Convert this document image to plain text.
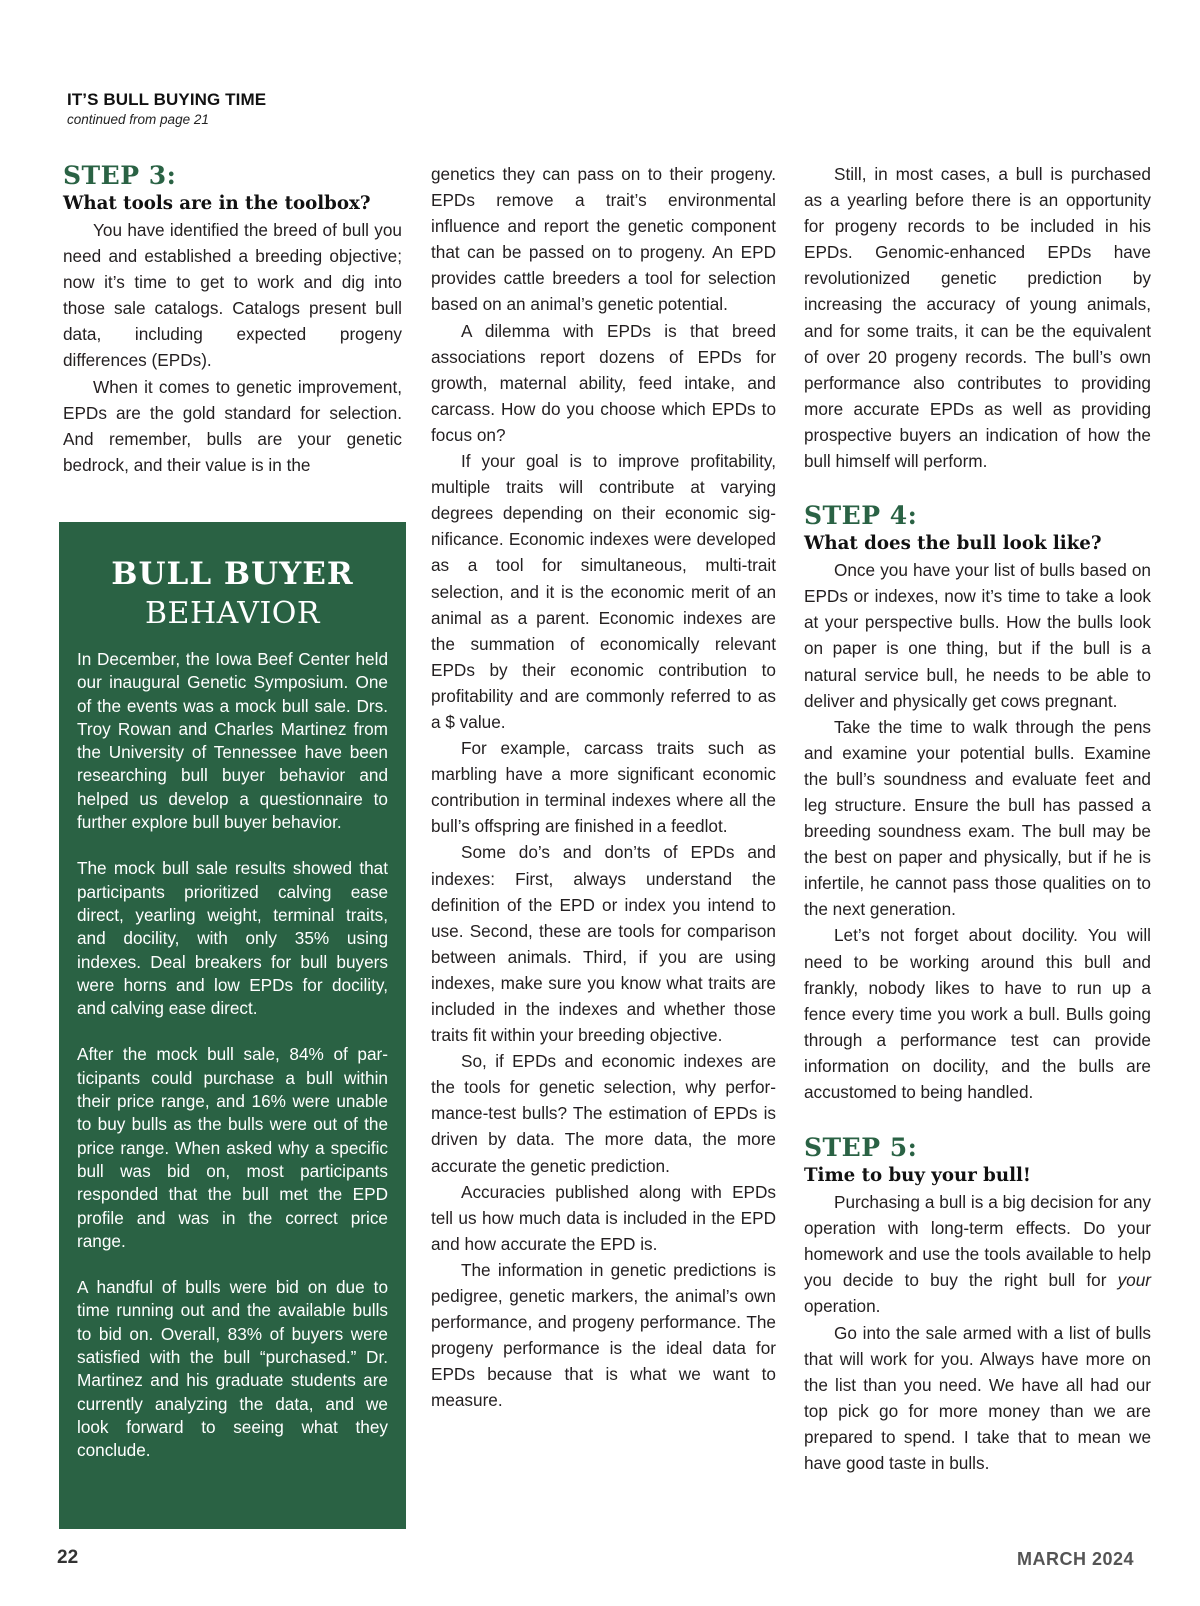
IT’S BULL BUYING TIME
continued from page 21
STEP 3:
What tools are in the toolbox?

You have identified the breed of bull you need and established a breeding objective; now it’s time to get to work and dig into those sale catalogs. Catalogs present bull data, including expected progeny differences (EPDs).

When it comes to genetic improvement, EPDs are the gold standard for selection. And remember, bulls are your genetic bedrock, and their value is in the

BULL BUYER
BEHAVIOR

In December, the Iowa Beef Center held our inaugural Genetic Symposium. One of the events was a mock bull sale. Drs. Troy Rowan and Charles Martinez from the University of Tennessee have been researching bull buyer behavior and helped us develop a questionnaire to further explore bull buyer behavior.

The mock bull sale results showed that participants prioritized calving ease direct, yearling weight, terminal traits, and docility, with only 35% using indexes. Deal breakers for bull buyers were horns and low EPDs for docility, and calving ease direct.

After the mock bull sale, 84% of participants could purchase a bull within their price range, and 16% were unable to buy bulls as the bulls were out of the price range. When asked why a specific bull was bid on, most participants responded that the bull met the EPD profile and was in the correct price range.

A handful of bulls were bid on due to time running out and the available bulls to bid on. Overall, 83% of buyers were satisfied with the bull “purchased.” Dr. Martinez and his graduate students are currently analyzing the data, and we look forward to seeing what they conclude.

genetics they can pass on to their progeny. EPDs remove a trait’s environmental influence and report the genetic component that can be passed on to progeny. An EPD provides cattle breeders a tool for selection based on an animal’s genetic potential.

A dilemma with EPDs is that breed associations report dozens of EPDs for growth, maternal ability, feed intake, and carcass. How do you choose which EPDs to focus on?

If your goal is to improve profitability, multiple traits will contribute at varying degrees depending on their economic significance. Economic indexes were developed as a tool for simultaneous, multi-trait selection, and it is the economic merit of an animal as a parent. Economic indexes are the summation of economically relevant EPDs by their economic contribution to profitability and are commonly referred to as a $ value.

For example, carcass traits such as marbling have a more significant economic contribution in terminal indexes where all the bull’s offspring are finished in a feedlot.

Some do’s and don’ts of EPDs and indexes: First, always understand the definition of the EPD or index you intend to use. Second, these are tools for comparison between animals. Third, if you are using indexes, make sure you know what traits are included in the indexes and whether those traits fit within your breeding objective.

So, if EPDs and economic indexes are the tools for genetic selection, why performance-test bulls? The estimation of EPDs is driven by data. The more data, the more accurate the genetic prediction.

Accuracies published along with EPDs tell us how much data is included in the EPD and how accurate the EPD is.

The information in genetic predictions is pedigree, genetic markers, the animal’s own performance, and progeny performance. The progeny performance is the ideal data for EPDs because that is what we want to measure.

Still, in most cases, a bull is purchased as a yearling before there is an opportunity for progeny records to be included in his EPDs. Genomic-enhanced EPDs have revolutionized genetic prediction by increasing the accuracy of young animals, and for some traits, it can be the equivalent of over 20 progeny records. The bull’s own performance also contributes to providing more accurate EPDs as well as providing prospective buyers an indication of how the bull himself will perform.

STEP 4:
What does the bull look like?

Once you have your list of bulls based on EPDs or indexes, now it’s time to take a look at your perspective bulls. How the bulls look on paper is one thing, but if the bull is a natural service bull, he needs to be able to deliver and physically get cows pregnant.

Take the time to walk through the pens and examine your potential bulls. Examine the bull’s soundness and evaluate feet and leg structure. Ensure the bull has passed a breeding soundness exam. The bull may be the best on paper and physically, but if he is infertile, he cannot pass those qualities on to the next generation.

Let’s not forget about docility. You will need to be working around this bull and frankly, nobody likes to have to run up a fence every time you work a bull. Bulls going through a performance test can provide information on docility, and the bulls are accustomed to being handled.

STEP 5:
Time to buy your bull!

Purchasing a bull is a big decision for any operation with long-term effects. Do your homework and use the tools available to help you decide to buy the right bull for your operation.

Go into the sale armed with a list of bulls that will work for you. Always have more on the list than you need. We have all had our top pick go for more money than we are prepared to spend. I take that to mean we have good taste in bulls.

22	MARCH 2024
